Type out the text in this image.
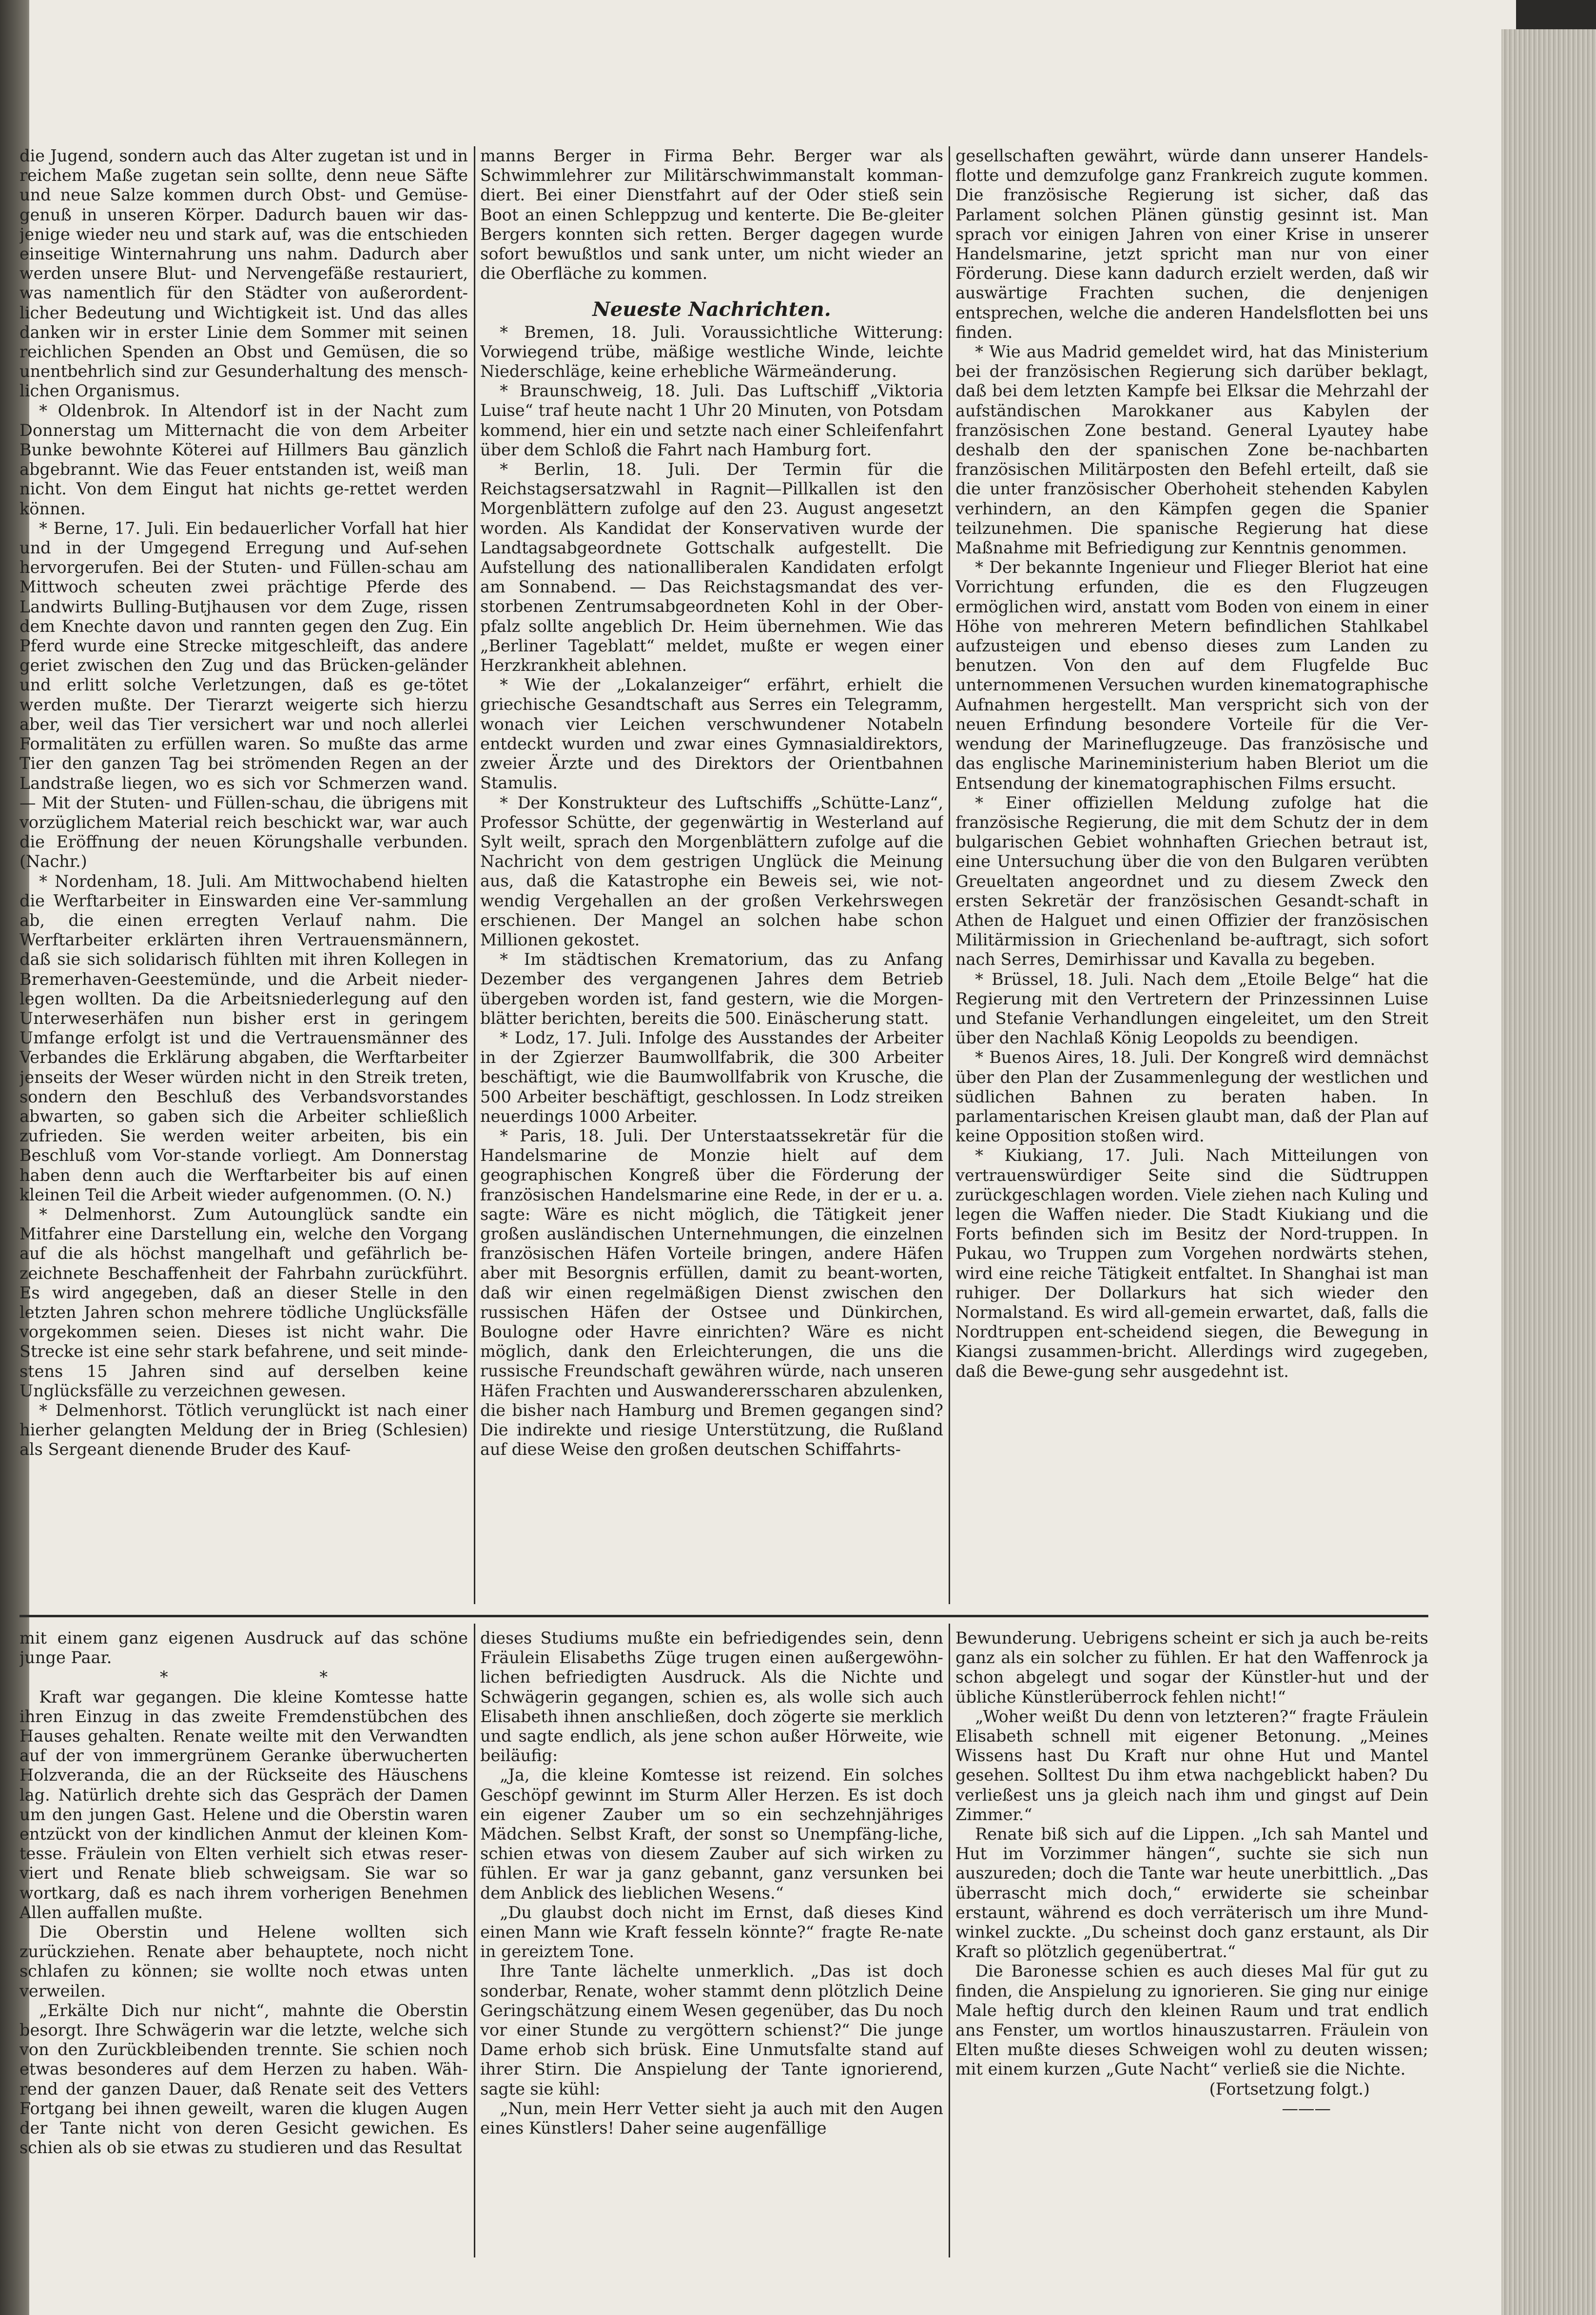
die Jugend, sondern auch das Alter zugetan ist und in reichem Maße zugetan sein sollte, denn neue Säfte und neue Salze kommen durch Obst- und Gemüse-genuß in unseren Körper. Dadurch bauen wir das-jenige wieder neu und stark auf, was die entschieden einseitige Winternahrung uns nahm. Dadurch aber werden unsere Blut- und Nervengefäße restauriert, was namentlich für den Städter von außerordent-licher Bedeutung und Wichtigkeit ist. Und das alles danken wir in erster Linie dem Sommer mit seinen reichlichen Spenden an Obst und Gemüsen, die so unentbehrlich sind zur Gesunderhaltung des mensch-lichen Organismus.

* Oldenbrok. In Altendorf ist in der Nacht zum Donnerstag um Mitternacht die von dem Arbeiter Bunke bewohnte Köterei auf Hillmers Bau gänzlich abgebrannt. Wie das Feuer entstanden ist, weiß man nicht. Von dem Eingut hat nichts ge-rettet werden können.

* Berne, 17. Juli. Ein bedauerlicher Vorfall hat hier und in der Umgegend Erregung und Auf-sehen hervorgerufen. Bei der Stuten- und Füllen-schau am Mittwoch scheuten zwei prächtige Pferde des Landwirts Bulling-Butjhausen vor dem Zuge, rissen dem Knechte davon und rannten gegen den Zug. Ein Pferd wurde eine Strecke mitgeschleift, das andere geriet zwischen den Zug und das Brücken-geländer und erlitt solche Verletzungen, daß es ge-tötet werden mußte. Der Tierarzt weigerte sich hierzu aber, weil das Tier versichert war und noch allerlei Formalitäten zu erfüllen waren. So mußte das arme Tier den ganzen Tag bei strömenden Regen an der Landstraße liegen, wo es sich vor Schmerzen wand. — Mit der Stuten- und Füllen-schau, die übrigens mit vorzüglichem Material reich beschickt war, war auch die Eröffnung der neuen Körungshalle verbunden. (Nachr.)

* Nordenham, 18. Juli. Am Mittwochabend hielten die Werftarbeiter in Einswarden eine Ver-sammlung ab, die einen erregten Verlauf nahm. Die Werftarbeiter erklärten ihren Vertrauensmännern, daß sie sich solidarisch fühlten mit ihren Kollegen in Bremerhaven-Geestemünde, und die Arbeit nieder-legen wollten. Da die Arbeitsniederlegung auf den Unterweserhäfen nun bisher erst in geringem Umfange erfolgt ist und die Vertrauensmänner des Verbandes die Erklärung abgaben, die Werftarbeiter jenseits der Weser würden nicht in den Streik treten, sondern den Beschluß des Verbandsvorstandes abwarten, so gaben sich die Arbeiter schließlich zufrieden. Sie werden weiter arbeiten, bis ein Beschluß vom Vor-stande vorliegt. Am Donnerstag haben denn auch die Werftarbeiter bis auf einen kleinen Teil die Arbeit wieder aufgenommen. (O. N.)

* Delmenhorst. Zum Autounglück sandte ein Mitfahrer eine Darstellung ein, welche den Vorgang auf die als höchst mangelhaft und gefährlich be-zeichnete Beschaffenheit der Fahrbahn zurückführt. Es wird angegeben, daß an dieser Stelle in den letzten Jahren schon mehrere tödliche Unglücksfälle vorgekommen seien. Dieses ist nicht wahr. Die Strecke ist eine sehr stark befahrene, und seit minde-stens 15 Jahren sind auf derselben keine Unglücksfälle zu verzeichnen gewesen.

* Delmenhorst. Tötlich verunglückt ist nach einer hierher gelangten Meldung der in Brieg (Schlesien) als Sergeant dienende Bruder des Kauf-

manns Berger in Firma Behr. Berger war als Schwimmlehrer zur Militärschwimmanstalt komman-diert. Bei einer Dienstfahrt auf der Oder stieß sein Boot an einen Schleppzug und kenterte. Die Be-gleiter Bergers konnten sich retten. Berger dagegen wurde sofort bewußtlos und sank unter, um nicht wieder an die Oberfläche zu kommen.

Neueste Nachrichten.

* Bremen, 18. Juli. Voraussichtliche Witterung: Vorwiegend trübe, mäßige westliche Winde, leichte Niederschläge, keine erhebliche Wärmeänderung.

* Braunschweig, 18. Juli. Das Luftschiff „Viktoria Luise“ traf heute nacht 1 Uhr 20 Minuten, von Potsdam kommend, hier ein und setzte nach einer Schleifenfahrt über dem Schloß die Fahrt nach Hamburg fort.

* Berlin, 18. Juli. Der Termin für die Reichstagsersatzwahl in Ragnit—Pillkallen ist den Morgenblättern zufolge auf den 23. August angesetzt worden. Als Kandidat der Konservativen wurde der Landtagsabgeordnete Gottschalk aufgestellt. Die Aufstellung des nationalliberalen Kandidaten erfolgt am Sonnabend. — Das Reichstagsmandat des ver-storbenen Zentrumsabgeordneten Kohl in der Ober-pfalz sollte angeblich Dr. Heim übernehmen. Wie das „Berliner Tageblatt“ meldet, mußte er wegen einer Herzkrankheit ablehnen.

* Wie der „Lokalanzeiger“ erfährt, erhielt die griechische Gesandtschaft aus Serres ein Telegramm, wonach vier Leichen verschwundener Notabeln entdeckt wurden und zwar eines Gymnasialdirektors, zweier Ärzte und des Direktors der Orientbahnen Stamulis.

* Der Konstrukteur des Luftschiffs „Schütte-Lanz“, Professor Schütte, der gegenwärtig in Westerland auf Sylt weilt, sprach den Morgenblättern zufolge auf die Nachricht von dem gestrigen Unglück die Meinung aus, daß die Katastrophe ein Beweis sei, wie not-wendig Vergehallen an der großen Verkehrswegen erschienen. Der Mangel an solchen habe schon Millionen gekostet.

* Im städtischen Krematorium, das zu Anfang Dezember des vergangenen Jahres dem Betrieb übergeben worden ist, fand gestern, wie die Morgen-blätter berichten, bereits die 500. Einäscherung statt.

* Lodz, 17. Juli. Infolge des Ausstandes der Arbeiter in der Zgierzer Baumwollfabrik, die 300 Arbeiter beschäftigt, wie die Baumwollfabrik von Krusche, die 500 Arbeiter beschäftigt, geschlossen. In Lodz streiken neuerdings 1000 Arbeiter.

* Paris, 18. Juli. Der Unterstaatssekretär für die Handelsmarine de Monzie hielt auf dem geographischen Kongreß über die Förderung der französischen Handelsmarine eine Rede, in der er u. a. sagte: Wäre es nicht möglich, die Tätigkeit jener großen ausländischen Unternehmungen, die einzelnen französischen Häfen Vorteile bringen, andere Häfen aber mit Besorgnis erfüllen, damit zu beant-worten, daß wir einen regelmäßigen Dienst zwischen den russischen Häfen der Ostsee und Dünkirchen, Boulogne oder Havre einrichten? Wäre es nicht möglich, dank den Erleichterungen, die uns die russische Freundschaft gewähren würde, nach unseren Häfen Frachten und Auswanderersscharen abzulenken, die bisher nach Hamburg und Bremen gegangen sind? Die indirekte und riesige Unterstützung, die Rußland auf diese Weise den großen deutschen Schiffahrts-

gesellschaften gewährt, würde dann unserer Handels-flotte und demzufolge ganz Frankreich zugute kommen. Die französische Regierung ist sicher, daß das Parlament solchen Plänen günstig gesinnt ist. Man sprach vor einigen Jahren von einer Krise in unserer Handelsmarine, jetzt spricht man nur von einer Förderung. Diese kann dadurch erzielt werden, daß wir auswärtige Frachten suchen, die denjenigen entsprechen, welche die anderen Handelsflotten bei uns finden.

* Wie aus Madrid gemeldet wird, hat das Ministerium bei der französischen Regierung sich darüber beklagt, daß bei dem letzten Kampfe bei Elksar die Mehrzahl der aufständischen Marokkaner aus Kabylen der französischen Zone bestand. General Lyautey habe deshalb den der spanischen Zone be-nachbarten französischen Militärposten den Befehl erteilt, daß sie die unter französischer Oberhoheit stehenden Kabylen verhindern, an den Kämpfen gegen die Spanier teilzunehmen. Die spanische Regierung hat diese Maßnahme mit Befriedigung zur Kenntnis genommen.

* Der bekannte Ingenieur und Flieger Bleriot hat eine Vorrichtung erfunden, die es den Flugzeugen ermöglichen wird, anstatt vom Boden von einem in einer Höhe von mehreren Metern befindlichen Stahlkabel aufzusteigen und ebenso dieses zum Landen zu benutzen. Von den auf dem Flugfelde Buc unternommenen Versuchen wurden kinematographische Aufnahmen hergestellt. Man verspricht sich von der neuen Erfindung besondere Vorteile für die Ver-wendung der Marineflugzeuge. Das französische und das englische Marineministerium haben Bleriot um die Entsendung der kinematographischen Films ersucht.

* Einer offiziellen Meldung zufolge hat die französische Regierung, die mit dem Schutz der in dem bulgarischen Gebiet wohnhaften Griechen betraut ist, eine Untersuchung über die von den Bulgaren verübten Greueltaten angeordnet und zu diesem Zweck den ersten Sekretär der französischen Gesandt-schaft in Athen de Halguet und einen Offizier der französischen Militärmission in Griechenland be-auftragt, sich sofort nach Serres, Demirhissar und Kavalla zu begeben.

* Brüssel, 18. Juli. Nach dem „Etoile Belge“ hat die Regierung mit den Vertretern der Prinzessinnen Luise und Stefanie Verhandlungen eingeleitet, um den Streit über den Nachlaß König Leopolds zu beendigen.

* Buenos Aires, 18. Juli. Der Kongreß wird demnächst über den Plan der Zusammenlegung der westlichen und südlichen Bahnen zu beraten haben. In parlamentarischen Kreisen glaubt man, daß der Plan auf keine Opposition stoßen wird.

* Kiukiang, 17. Juli. Nach Mitteilungen von vertrauenswürdiger Seite sind die Südtruppen zurückgeschlagen worden. Viele ziehen nach Kuling und legen die Waffen nieder. Die Stadt Kiukiang und die Forts befinden sich im Besitz der Nord-truppen. In Pukau, wo Truppen zum Vorgehen nordwärts stehen, wird eine reiche Tätigkeit entfaltet. In Shanghai ist man ruhiger. Der Dollarkurs hat sich wieder den Normalstand. Es wird all-gemein erwartet, daß, falls die Nordtruppen ent-scheidend siegen, die Bewegung in Kiangsi zusammen-bricht. Allerdings wird zugegeben, daß die Bewe-gung sehr ausgedehnt ist.

mit einem ganz eigenen Ausdruck auf das schöne junge Paar.

* *

Kraft war gegangen. Die kleine Komtesse hatte ihren Einzug in das zweite Fremdenstübchen des Hauses gehalten. Renate weilte mit den Verwandten auf der von immergrünem Geranke überwucherten Holzveranda, die an der Rückseite des Häuschens lag. Natürlich drehte sich das Gespräch der Damen um den jungen Gast. Helene und die Oberstin waren entzückt von der kindlichen Anmut der kleinen Kom-tesse. Fräulein von Elten verhielt sich etwas reser-viert und Renate blieb schweigsam. Sie war so wortkarg, daß es nach ihrem vorherigen Benehmen Allen auffallen mußte.

Die Oberstin und Helene wollten sich zurückziehen. Renate aber behauptete, noch nicht schlafen zu können; sie wollte noch etwas unten verweilen.

„Erkälte Dich nur nicht“, mahnte die Oberstin besorgt. Ihre Schwägerin war die letzte, welche sich von den Zurückbleibenden trennte. Sie schien noch etwas besonderes auf dem Herzen zu haben. Wäh-rend der ganzen Dauer, daß Renate seit des Vetters Fortgang bei ihnen geweilt, waren die klugen Augen der Tante nicht von deren Gesicht gewichen. Es schien als ob sie etwas zu studieren und das Resultat

dieses Studiums mußte ein befriedigendes sein, denn Fräulein Elisabeths Züge trugen einen außergewöhn-lichen befriedigten Ausdruck. Als die Nichte und Schwägerin gegangen, schien es, als wolle sich auch Elisabeth ihnen anschließen, doch zögerte sie merklich und sagte endlich, als jene schon außer Hörweite, wie beiläufig:

„Ja, die kleine Komtesse ist reizend. Ein solches Geschöpf gewinnt im Sturm Aller Herzen. Es ist doch ein eigener Zauber um so ein sechzehnjähriges Mädchen. Selbst Kraft, der sonst so Unempfäng-liche, schien etwas von diesem Zauber auf sich wirken zu fühlen. Er war ja ganz gebannt, ganz versunken bei dem Anblick des lieblichen Wesens.“

„Du glaubst doch nicht im Ernst, daß dieses Kind einen Mann wie Kraft fesseln könnte?“ fragte Re-nate in gereiztem Tone.

Ihre Tante lächelte unmerklich. „Das ist doch sonderbar, Renate, woher stammt denn plötzlich Deine Geringschätzung einem Wesen gegenüber, das Du noch vor einer Stunde zu vergöttern schienst?“ Die junge Dame erhob sich brüsk. Eine Unmutsfalte stand auf ihrer Stirn. Die Anspielung der Tante ignorierend, sagte sie kühl:

„Nun, mein Herr Vetter sieht ja auch mit den Augen eines Künstlers! Daher seine augenfällige

Bewunderung. Uebrigens scheint er sich ja auch be-reits ganz als ein solcher zu fühlen. Er hat den Waffenrock ja schon abgelegt und sogar der Künstler-hut und der übliche Künstlerüberrock fehlen nicht!“

„Woher weißt Du denn von letzteren?“ fragte Fräulein Elisabeth schnell mit eigener Betonung. „Meines Wissens hast Du Kraft nur ohne Hut und Mantel gesehen. Solltest Du ihm etwa nachgeblickt haben? Du verließest uns ja gleich nach ihm und gingst auf Dein Zimmer.“

Renate biß sich auf die Lippen. „Ich sah Mantel und Hut im Vorzimmer hängen“, suchte sie sich nun auszureden; doch die Tante war heute unerbittlich. „Das überrascht mich doch,“ erwiderte sie scheinbar erstaunt, während es doch verräterisch um ihre Mund-winkel zuckte. „Du scheinst doch ganz erstaunt, als Dir Kraft so plötzlich gegenübertrat.“

Die Baronesse schien es auch dieses Mal für gut zu finden, die Anspielung zu ignorieren. Sie ging nur einige Male heftig durch den kleinen Raum und trat endlich ans Fenster, um wortlos hinauszustarren. Fräulein von Elten mußte dieses Schweigen wohl zu deuten wissen; mit einem kurzen „Gute Nacht“ verließ sie die Nichte.

(Fortsetzung folgt.)

———
